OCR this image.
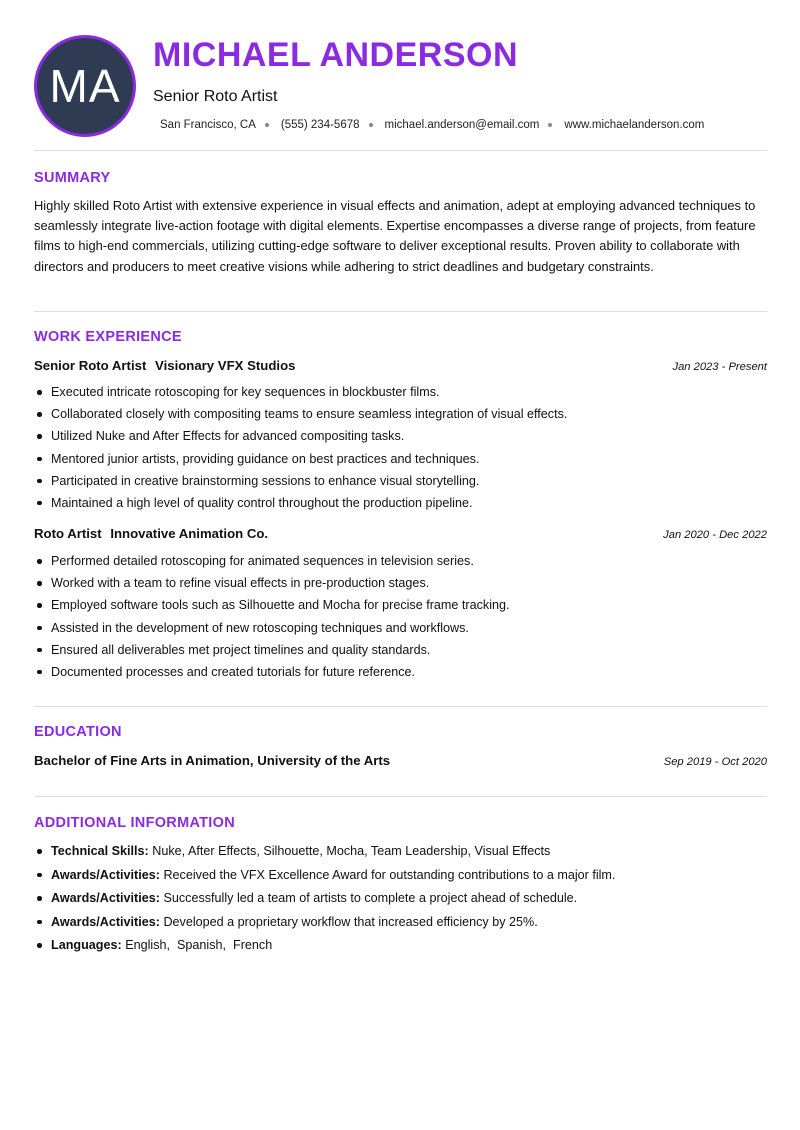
MA
MICHAEL ANDERSON
Senior Roto Artist
San Francisco, CA (555) 234-5678 michael.anderson@email.com www.michaelanderson.com
SUMMARY
Highly skilled Roto Artist with extensive experience in visual effects and animation, adept at employing advanced techniques to seamlessly integrate live-action footage with digital elements. Expertise encompasses a diverse range of projects, from feature films to high-end commercials, utilizing cutting-edge software to deliver exceptional results. Proven ability to collaborate with directors and producers to meet creative visions while adhering to strict deadlines and budgetary constraints.
WORK EXPERIENCE
Senior Roto Artist Visionary VFX Studios	Jan 2023 - Present
Executed intricate rotoscoping for key sequences in blockbuster films.
Collaborated closely with compositing teams to ensure seamless integration of visual effects.
Utilized Nuke and After Effects for advanced compositing tasks.
Mentored junior artists, providing guidance on best practices and techniques.
Participated in creative brainstorming sessions to enhance visual storytelling.
Maintained a high level of quality control throughout the production pipeline.
Roto Artist Innovative Animation Co.	Jan 2020 - Dec 2022
Performed detailed rotoscoping for animated sequences in television series.
Worked with a team to refine visual effects in pre-production stages.
Employed software tools such as Silhouette and Mocha for precise frame tracking.
Assisted in the development of new rotoscoping techniques and workflows.
Ensured all deliverables met project timelines and quality standards.
Documented processes and created tutorials for future reference.
EDUCATION
Bachelor of Fine Arts in Animation, University of the Arts	Sep 2019 - Oct 2020
ADDITIONAL INFORMATION
Technical Skills: Nuke, After Effects, Silhouette, Mocha, Team Leadership, Visual Effects
Awards/Activities: Received the VFX Excellence Award for outstanding contributions to a major film.
Awards/Activities: Successfully led a team of artists to complete a project ahead of schedule.
Awards/Activities: Developed a proprietary workflow that increased efficiency by 25%.
Languages: English,  Spanish,  French
